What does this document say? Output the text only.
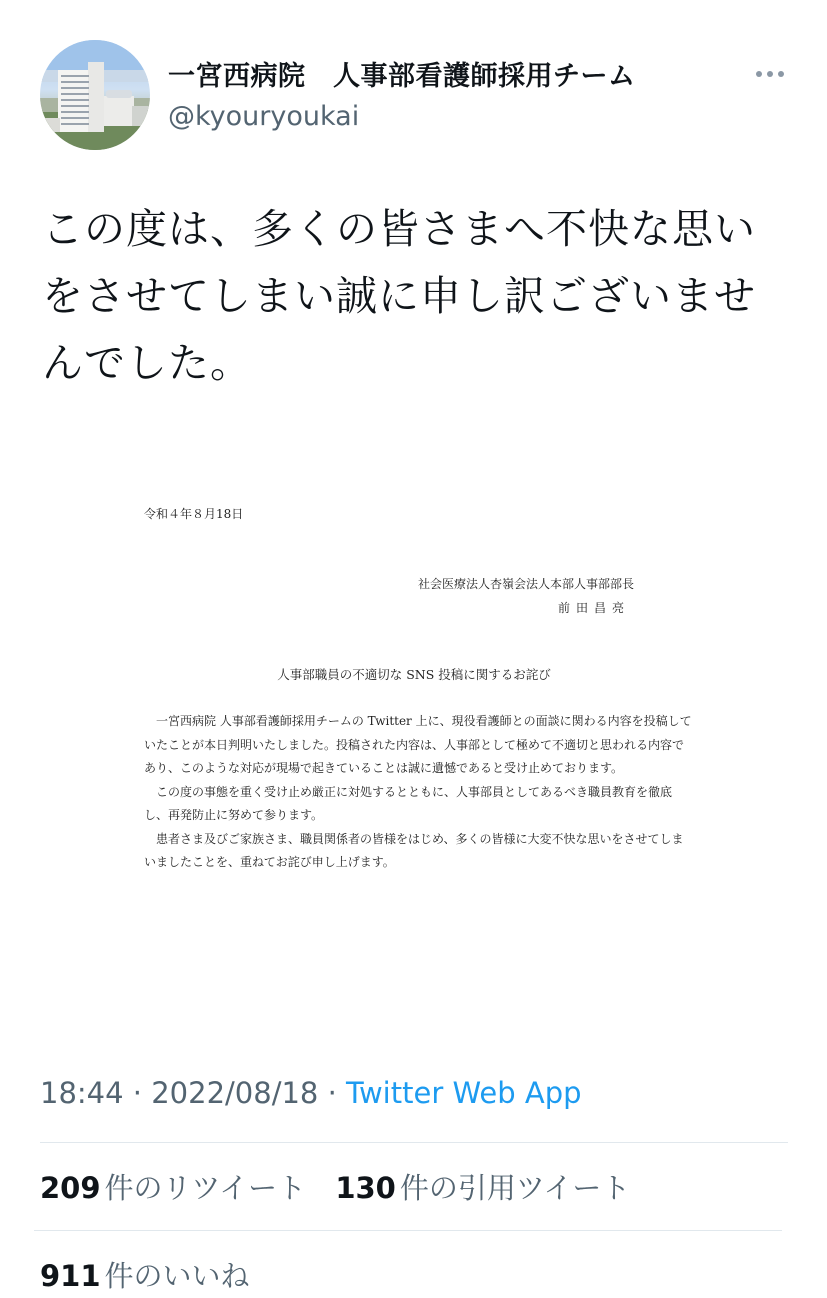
一宮西病院　人事部看護師採用チーム
@kyouryoukai
この度は、多くの皆さまへ不快な思いをさせてしまい誠に申し訳ございませんでした。
令和４年８月18日
社会医療法人杏嶺会法人本部人事部部長
前田昌亮
人事部職員の不適切な SNS 投稿に関するお詫び

一宮西病院 人事部看護師採用チームの Twitter 上に、現役看護師との面談に関わる内容を投稿していたことが本日判明いたしました。投稿された内容は、人事部として極めて不適切と思われる内容であり、このような対応が現場で起きていることは誠に遺憾であると受け止めております。

この度の事態を重く受け止め厳正に対処するとともに、人事部員としてあるべき職員教育を徹底し、再発防止に努めて参ります。

患者さま及びご家族さま、職員関係者の皆様をはじめ、多くの皆様に大変不快な思いをさせてしまいましたことを、重ねてお詫び申し上げます。

18:44 · 2022/08/18 · Twitter Web App
209 件のリツイート 130 件の引用ツイート
911 件のいいね
